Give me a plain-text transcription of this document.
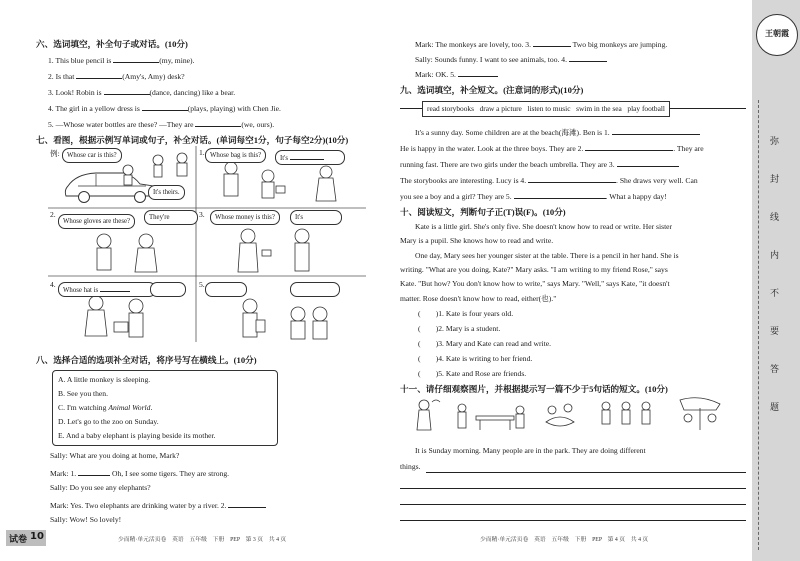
六、选词填空，补全句子或对话。(10分)
1. This blue pencil is	(my, mine).
2. Is that	(Amy's, Amy) desk?
3. Look! Robin is	(dance, dancing) like a bear.
4. The girl in a yellow dress is	(plays, playing) with Chen Jie.
5. —Whose water bottles are these? —They are	(we, ours).
七、看图，根据示例写单词或句子，补全对话。(单词每空1分，句子每空2分)(10分)
例:	Whose car is this?
It's theirs.
1. Whose bag is this?	It's
2.
Whose gloves are these?
They're	3.	Whose money is this?	It's
4.
Whose hat is
5.
八、选择合适的选项补全对话，将序号写在横线上。(10分)
A. A little monkey is sleeping.
B. See you then.
C. I'm watching Animal World.
D. Let's go to the zoo on Sunday.
E. And a baby elephant is playing beside its mother.
Sally: What are you doing at home, Mark?
Mark: 1.	Oh, I see some tigers. They are strong.
Sally: Do you see any elephants?
Mark: Yes. Two elephants are drinking water by a river. 2.
Sally: Wow! So lovely!
试卷 10	少而精·单元活页卷　英语　五年级　下册　PEP　第 3 页　共 4 页
Mark: The monkeys are lovely, too. 3.	Two big monkeys are jumping.
Sally: Sounds funny. I want to see animals, too. 4.
Mark: OK. 5.
九、选词填空，补全短文。(注意词的形式)(10分)
read storybooks draw a picture listen to music swim in the sea play football
It's a sunny day. Some children are at the beach(海滩). Ben is 1.
He is happy in the water. Look at the three boys. They are 2.	. They are
running fast. There are two girls under the beach umbrella. They are 3.
The storybooks are interesting. Lucy is 4.	. She draws very well. Can
you see a boy and a girl? They are 5.	. What a happy day!
十、阅读短文，判断句子正(T)误(F)。(10分)
Kate is a little girl. She's only five. She doesn't know how to read or write. Her sister
Mary is a pupil. She knows how to read and write.
One day, Mary sees her younger sister at the table. There is a pencil in her hand. She is
writing. "What are you doing, Kate?" Mary asks. "I am writing to my friend Rose," says
Kate. "But how? You don't know how to write," says Mary. "Well," says Kate, "it doesn't
matter. Rose doesn't know how to read, either(也)."
(　　)1. Kate is four years old.
(　　)2. Mary is a student.
(　　)3. Mary and Kate can read and write.
(　　)4. Kate is writing to her friend.
(　　)5. Kate and Rose are friends.
十一、请仔细观察图片，并根据提示写一篇不少于5句话的短文。(10分)
It is Sunday morning. Many people are in the park. They are doing different
things.
少而精·单元活页卷　英语　五年级　下册　PEP　第 4 页　共 4 页
王朝霞
弥
封
线
内
不
要
答
题
